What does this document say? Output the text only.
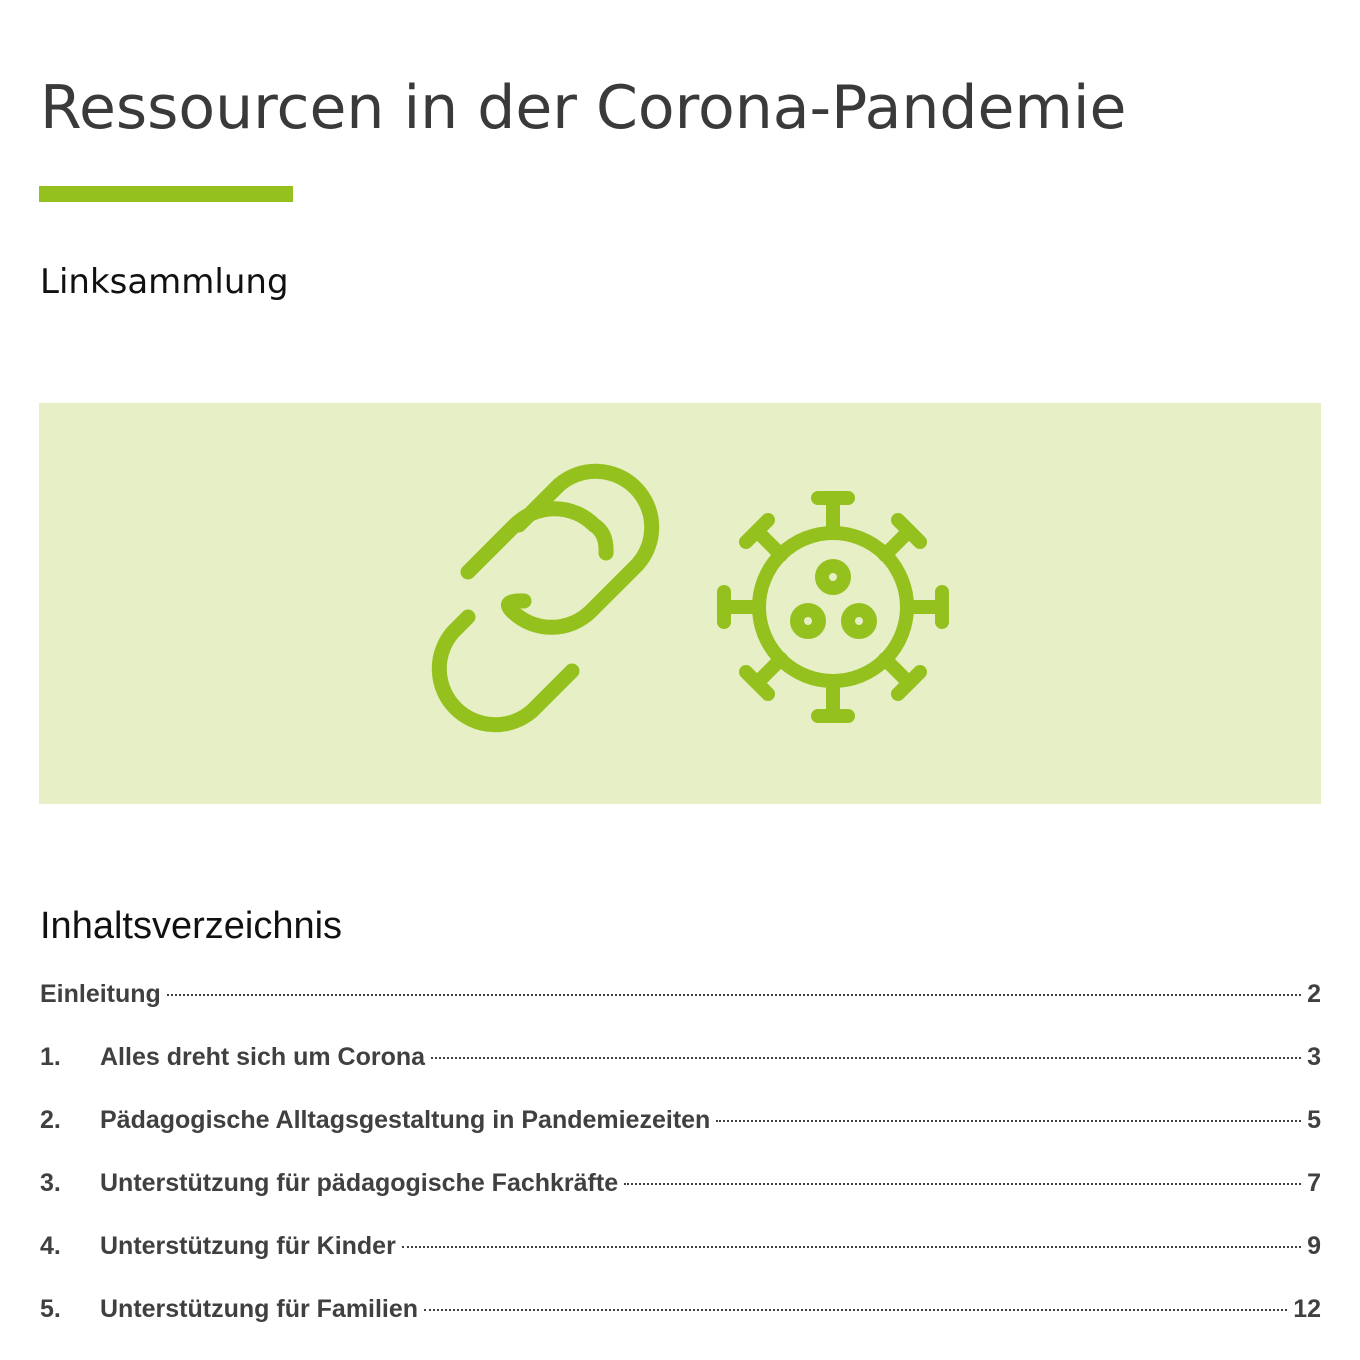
Ressourcen in der Corona-Pandemie
Linksammlung
Inhaltsverzeichnis
Einleitung	2
1.	Alles dreht sich um Corona	3
2.	Pädagogische Alltagsgestaltung in Pandemiezeiten	5
3.	Unterstützung für pädagogische Fachkräfte	7
4.	Unterstützung für Kinder	9
5.	Unterstützung für Familien	12
